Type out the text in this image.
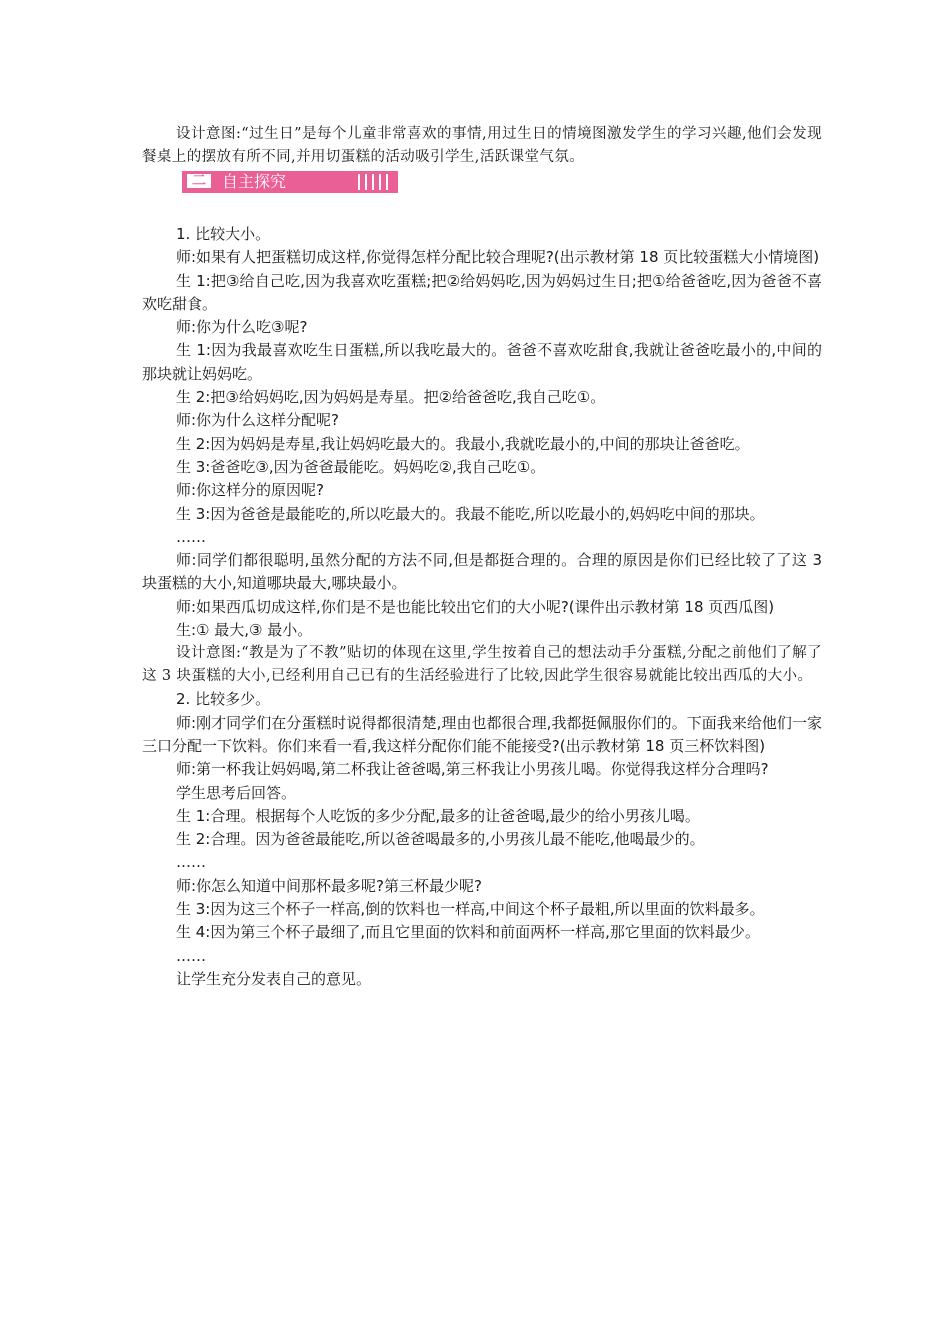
设计意图:“过生日”是每个儿童非常喜欢的事情,用过生日的情境图激发学生的学习兴趣,他们会发现餐桌上的摆放有所不同,并用切蛋糕的活动吸引学生,活跃课堂气氛。

二	自主探究

1. 比较大小。

师:如果有人把蛋糕切成这样,你觉得怎样分配比较合理呢?(出示教材第 18 页比较蛋糕大小情境图)

生 1:把③给自己吃,因为我喜欢吃蛋糕;把②给妈妈吃,因为妈妈过生日;把①给爸爸吃,因为爸爸不喜欢吃甜食。

师:你为什么吃③呢?

生 1:因为我最喜欢吃生日蛋糕,所以我吃最大的。爸爸不喜欢吃甜食,我就让爸爸吃最小的,中间的那块就让妈妈吃。

生 2:把③给妈妈吃,因为妈妈是寿星。把②给爸爸吃,我自己吃①。

师:你为什么这样分配呢?

生 2:因为妈妈是寿星,我让妈妈吃最大的。我最小,我就吃最小的,中间的那块让爸爸吃。

生 3:爸爸吃③,因为爸爸最能吃。妈妈吃②,我自己吃①。

师:你这样分的原因呢?

生 3:因为爸爸是最能吃的,所以吃最大的。我最不能吃,所以吃最小的,妈妈吃中间的那块。

……

师:同学们都很聪明,虽然分配的方法不同,但是都挺合理的。合理的原因是你们已经比较了了这 3 块蛋糕的大小,知道哪块最大,哪块最小。

师:如果西瓜切成这样,你们是不是也能比较出它们的大小呢?(课件出示教材第 18 页西瓜图)

生:① 最大,③ 最小。

设计意图:“教是为了不教”贴切的体现在这里,学生按着自己的想法动手分蛋糕,分配之前他们了解了这 3 块蛋糕的大小,已经利用自己已有的生活经验进行了比较,因此学生很容易就能比较出西瓜的大小。

2. 比较多少。

师:刚才同学们在分蛋糕时说得都很清楚,理由也都很合理,我都挺佩服你们的。下面我来给他们一家三口分配一下饮料。你们来看一看,我这样分配你们能不能接受?(出示教材第 18 页三杯饮料图)

师:第一杯我让妈妈喝,第二杯我让爸爸喝,第三杯我让小男孩儿喝。你觉得我这样分合理吗?

学生思考后回答。

生 1:合理。根据每个人吃饭的多少分配,最多的让爸爸喝,最少的给小男孩儿喝。

生 2:合理。因为爸爸最能吃,所以爸爸喝最多的,小男孩儿最不能吃,他喝最少的。

……

师:你怎么知道中间那杯最多呢?第三杯最少呢?

生 3:因为这三个杯子一样高,倒的饮料也一样高,中间这个杯子最粗,所以里面的饮料最多。

生 4:因为第三个杯子最细了,而且它里面的饮料和前面两杯一样高,那它里面的饮料最少。

……

让学生充分发表自己的意见。
